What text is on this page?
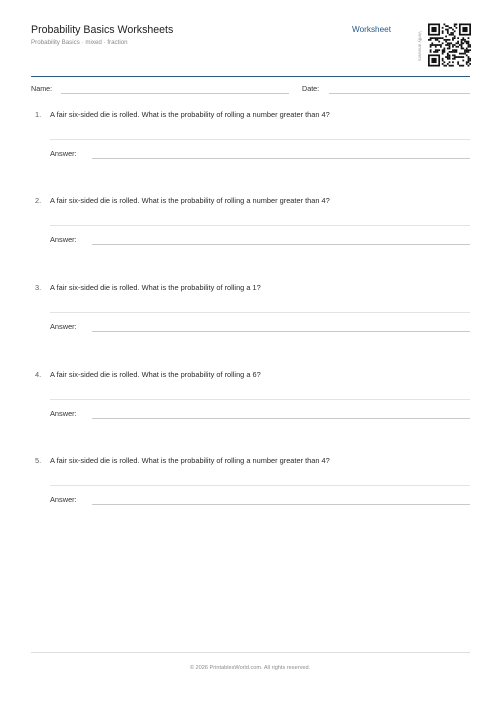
Probability Basics Worksheets
Probability Basics · mixed · fraction
Worksheet
Verify answers
Name:	Date:
1. A fair six-sided die is rolled. What is the probability of rolling a number greater than 4?
Answer:
2. A fair six-sided die is rolled. What is the probability of rolling a number greater than 4?
Answer:
3. A fair six-sided die is rolled. What is the probability of rolling a 1?
Answer:
4. A fair six-sided die is rolled. What is the probability of rolling a 6?
Answer:
5. A fair six-sided die is rolled. What is the probability of rolling a number greater than 4?
Answer:
© 2026 PrintablesWorld.com. All rights reserved.
